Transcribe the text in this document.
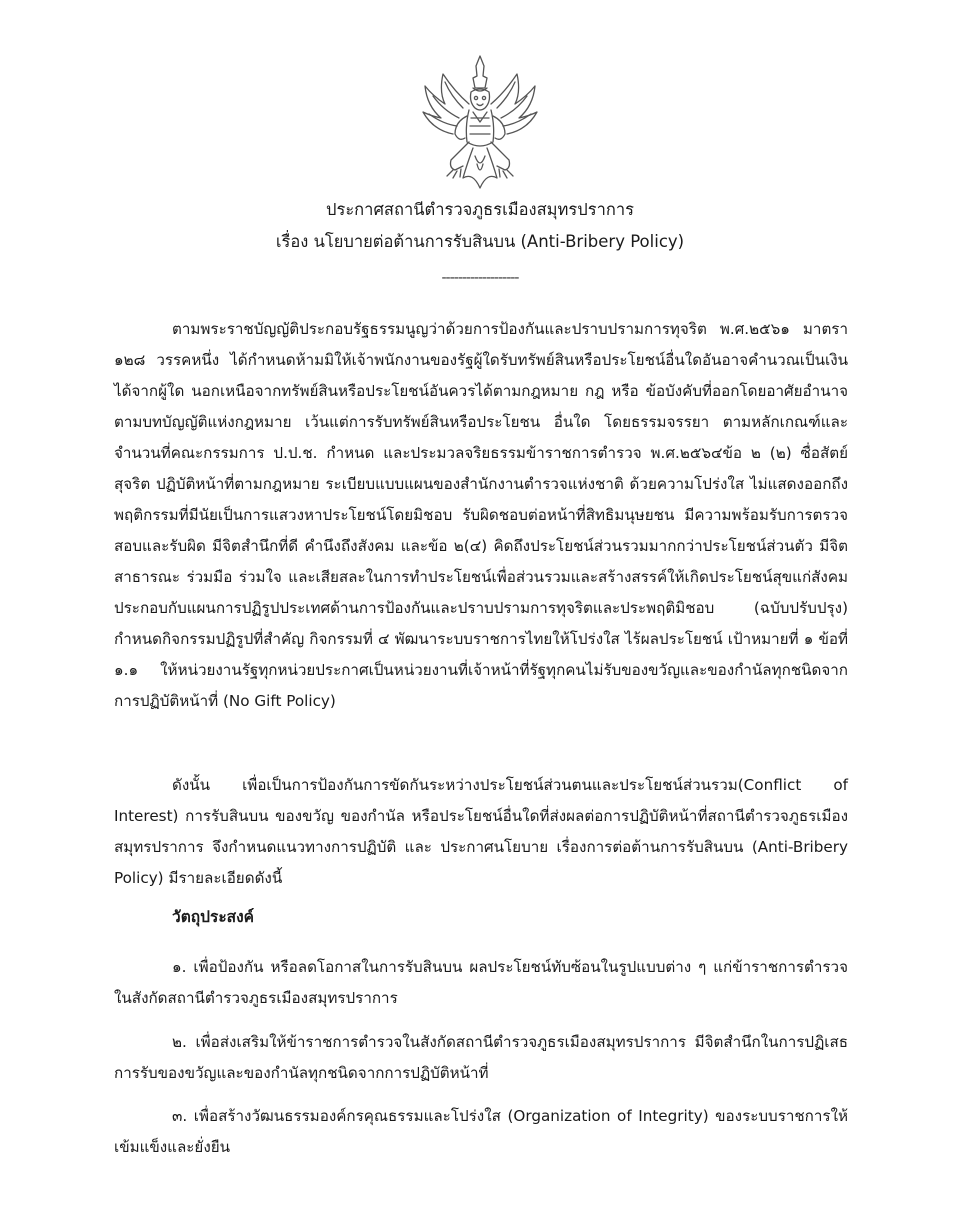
ประกาศสถานีตำรวจภูธรเมืองสมุทรปราการ
เรื่อง นโยบายต่อต้านการรับสินบน (Anti-Bribery Policy)
-------------------

ตามพระราชบัญญัติประกอบรัฐธรรมนูญว่าด้วยการป้องกันและปราบปรามการทุจริต พ.ศ.๒๕๖๑ มาตรา ๑๒๘ วรรคหนึ่ง ได้กำหนดห้ามมิให้เจ้าพนักงานของรัฐผู้ใดรับทรัพย์สินหรือประโยชน์อื่นใดอันอาจคำนวณเป็นเงินได้จากผู้ใด นอกเหนือจากทรัพย์สินหรือประโยชน์อันควรได้ตามกฎหมาย กฎ หรือ ข้อบังคับที่ออกโดยอาศัยอำนาจตามบทบัญญัติแห่งกฎหมาย เว้นแต่การรับทรัพย์สินหรือประโยชน อื่นใด โดยธรรมจรรยา ตามหลักเกณฑ์และจำนวนที่คณะกรรมการ ป.ป.ช. กำหนด และประมวลจริยธรรมข้าราชการตำรวจ พ.ศ.๒๕๖๔ข้อ ๒ (๒) ซื่อสัตย์สุจริต ปฏิบัติหน้าที่ตามกฎหมาย ระเบียบแบบแผนของสำนักงานตำรวจแห่งชาติ ด้วยความโปร่งใส ไม่แสดงออกถึงพฤติกรรมที่มีนัยเป็นการแสวงหาประโยชน์โดยมิชอบ รับผิดชอบต่อหน้าที่สิทธิมนุษยชน มีความพร้อมรับการตรวจสอบและรับผิด มีจิตสำนึกที่ดี คำนึงถึงสังคม และข้อ ๒(๔) คิดถึงประโยชน์ส่วนรวมมากกว่าประโยชน์ส่วนตัว มีจิตสาธารณะ ร่วมมือ ร่วมใจ และเสียสละในการทำประโยชน์เพื่อส่วนรวมและสร้างสรรค์ให้เกิดประโยชน์สุขแก่สังคม ประกอบกับแผนการปฏิรูปประเทศด้านการป้องกันและปราบปรามการทุจริตและประพฤติมิชอบ (ฉบับปรับปรุง) กำหนดกิจกรรมปฏิรูปที่สำคัญ กิจกรรมที่ ๔ พัฒนาระบบราชการไทยให้โปร่งใส ไร้ผลประโยชน์ เป้าหมายที่ ๑ ข้อที่ ๑.๑ ให้หน่วยงานรัฐทุกหน่วยประกาศเป็นหน่วยงานที่เจ้าหน้าที่รัฐทุกคนไม่รับของขวัญและของกำนัลทุกชนิดจากการปฏิบัติหน้าที่ (No Gift Policy)

ดังนั้น เพื่อเป็นการป้องกันการขัดกันระหว่างประโยชน์ส่วนตนและประโยชน์ส่วนรวม(Conflict of Interest) การรับสินบน ของขวัญ ของกำนัล หรือประโยชน์อื่นใดที่ส่งผลต่อการปฏิบัติหน้าที่สถานีตำรวจภูธรเมืองสมุทรปราการ จึงกำหนดแนวทางการปฏิบัติ และ ประกาศนโยบาย เรื่องการต่อต้านการรับสินบน (Anti-Bribery Policy) มีรายละเอียดดังนี้

วัตถุประสงค์

๑. เพื่อป้องกัน หรือลดโอกาสในการรับสินบน ผลประโยชน์ทับซ้อนในรูปแบบต่าง ๆ แก่ข้าราชการตำรวจในสังกัดสถานีตำรวจภูธรเมืองสมุทรปราการ

๒. เพื่อส่งเสริมให้ข้าราชการตำรวจในสังกัดสถานีตำรวจภูธรเมืองสมุทรปราการ มีจิตสำนึกในการปฏิเสธการรับของขวัญและของกำนัลทุกชนิดจากการปฏิบัติหน้าที่

๓. เพื่อสร้างวัฒนธรรมองค์กรคุณธรรมและโปร่งใส (Organization of Integrity) ของระบบราชการให้เข้มแข็งและยั่งยืน
